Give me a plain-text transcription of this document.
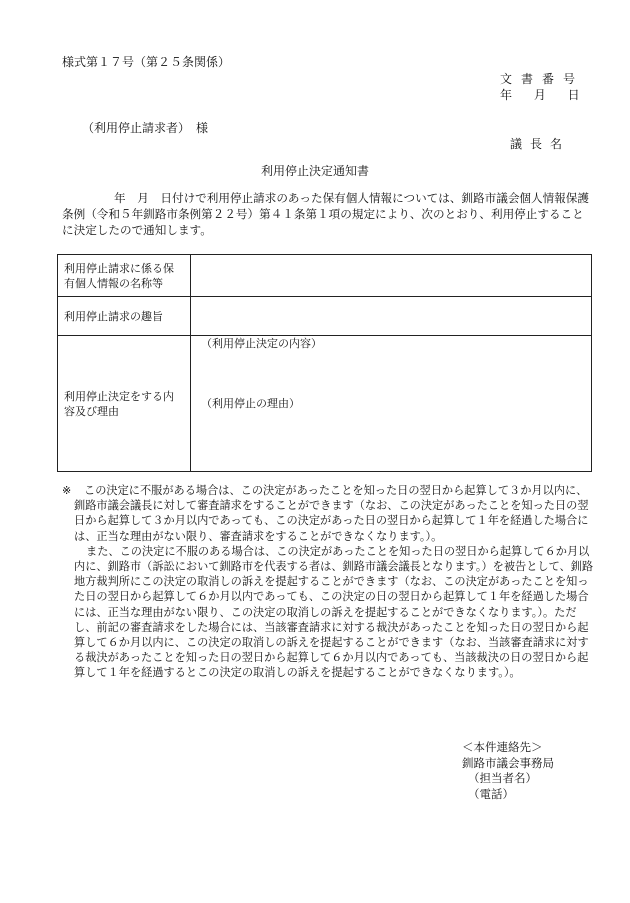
様式第１７号（第２５条関係）

文書番号

年 月 日

（利用停止請求者）　様

議長名

利用停止決定通知書

年　月　日付けで利用停止請求のあった保有個人情報については、釧路市議会個人情報保護条例（令和５年釧路市条例第２２号）第４１条第１項の規定により、次のとおり、利用停止することに決定したので通知します。

利用停止請求に係る保有個人情報の名称等	
利用停止請求の趣旨	
利用停止決定をする内容及び理由	（利用停止決定の内容）
（利用停止の理由）

※ この決定に不服がある場合は、この決定があったことを知った日の翌日から起算して３か月以内に、釧路市議会議長に対して審査請求をすることができます（なお、この決定があったことを知った日の翌日から起算して３か月以内であっても、この決定があった日の翌日から起算して１年を経過した場合には、正当な理由がない限り、審査請求をすることができなくなります。）。

また、この決定に不服のある場合は、この決定があったことを知った日の翌日から起算して６か月以内に、釧路市（訴訟において釧路市を代表する者は、釧路市議会議長となります。）を被告として、釧路地方裁判所にこの決定の取消しの訴えを提起することができます（なお、この決定があったことを知った日の翌日から起算して６か月以内であっても、この決定の日の翌日から起算して１年を経過した場合には、正当な理由がない限り、この決定の取消しの訴えを提起することができなくなります。）。ただし、前記の審査請求をした場合には、当該審査請求に対する裁決があったことを知った日の翌日から起算して６か月以内に、この決定の取消しの訴えを提起することができます（なお、当該審査請求に対する裁決があったことを知った日の翌日から起算して６か月以内であっても、当該裁決の日の翌日から起算して１年を経過するとこの決定の取消しの訴えを提起することができなくなります。）。

＜本件連絡先＞
釧路市議会事務局
（担当者名）
（電話）
